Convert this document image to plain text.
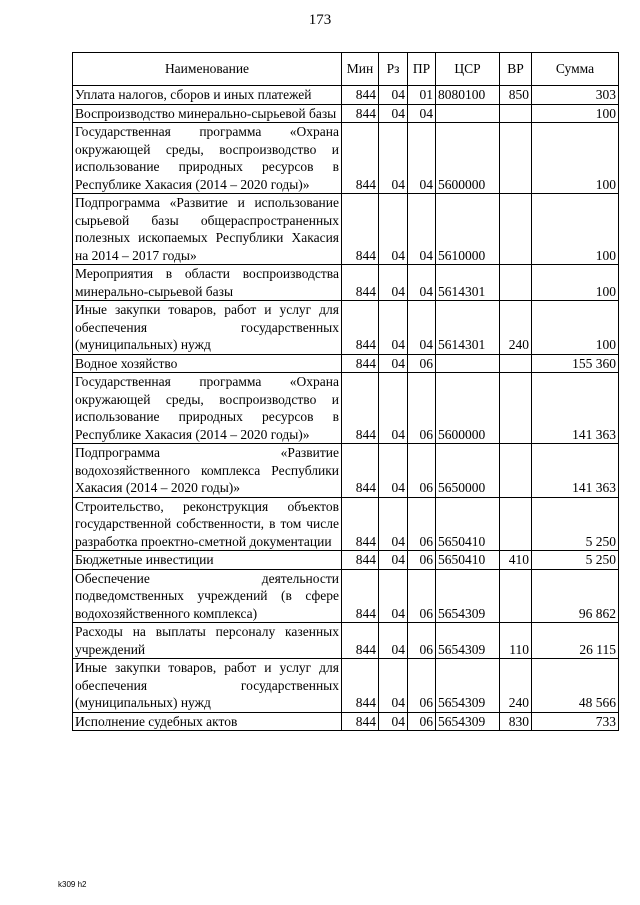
173
Наименование	Мин	Рз	ПР	ЦСР	ВР	Сумма
Уплата налогов, сборов и иных платежей	844	04	01	8080100	850	303
Воспроизводство минерально-сырьевой базы	844	04	04			100
Государственная программа «Охрана окружающей среды, воспроизводство и использование природных ресурсов в Республике Хакасия (2014 – 2020 годы)»	844	04	04	5600000		100
Подпрограмма «Развитие и использование сырьевой базы общераспространенных полезных ископаемых Республики Хакасия на 2014 – 2017 годы»	844	04	04	5610000		100
Мероприятия в области воспроизводства минерально-сырьевой базы	844	04	04	5614301		100
Иные закупки товаров, работ и услуг для обеспечения государственных (муниципальных) нужд	844	04	04	5614301	240	100
Водное хозяйство	844	04	06			155 360
Государственная программа «Охрана окружающей среды, воспроизводство и использование природных ресурсов в Республике Хакасия (2014 – 2020 годы)»	844	04	06	5600000		141 363
Подпрограмма «Развитие водохозяйственного комплекса Республики Хакасия (2014 – 2020 годы)»	844	04	06	5650000		141 363
Строительство, реконструкция объектов государственной собственности, в том числе разработка проектно-сметной документации	844	04	06	5650410		5 250
Бюджетные инвестиции	844	04	06	5650410	410	5 250
Обеспечение деятельности подведомственных учреждений (в сфере водохозяйственного комплекса)	844	04	06	5654309		96 862
Расходы на выплаты персоналу казенных учреждений	844	04	06	5654309	110	26 115
Иные закупки товаров, работ и услуг для обеспечения государственных (муниципальных) нужд	844	04	06	5654309	240	48 566
Исполнение судебных актов	844	04	06	5654309	830	733
k309 h2
